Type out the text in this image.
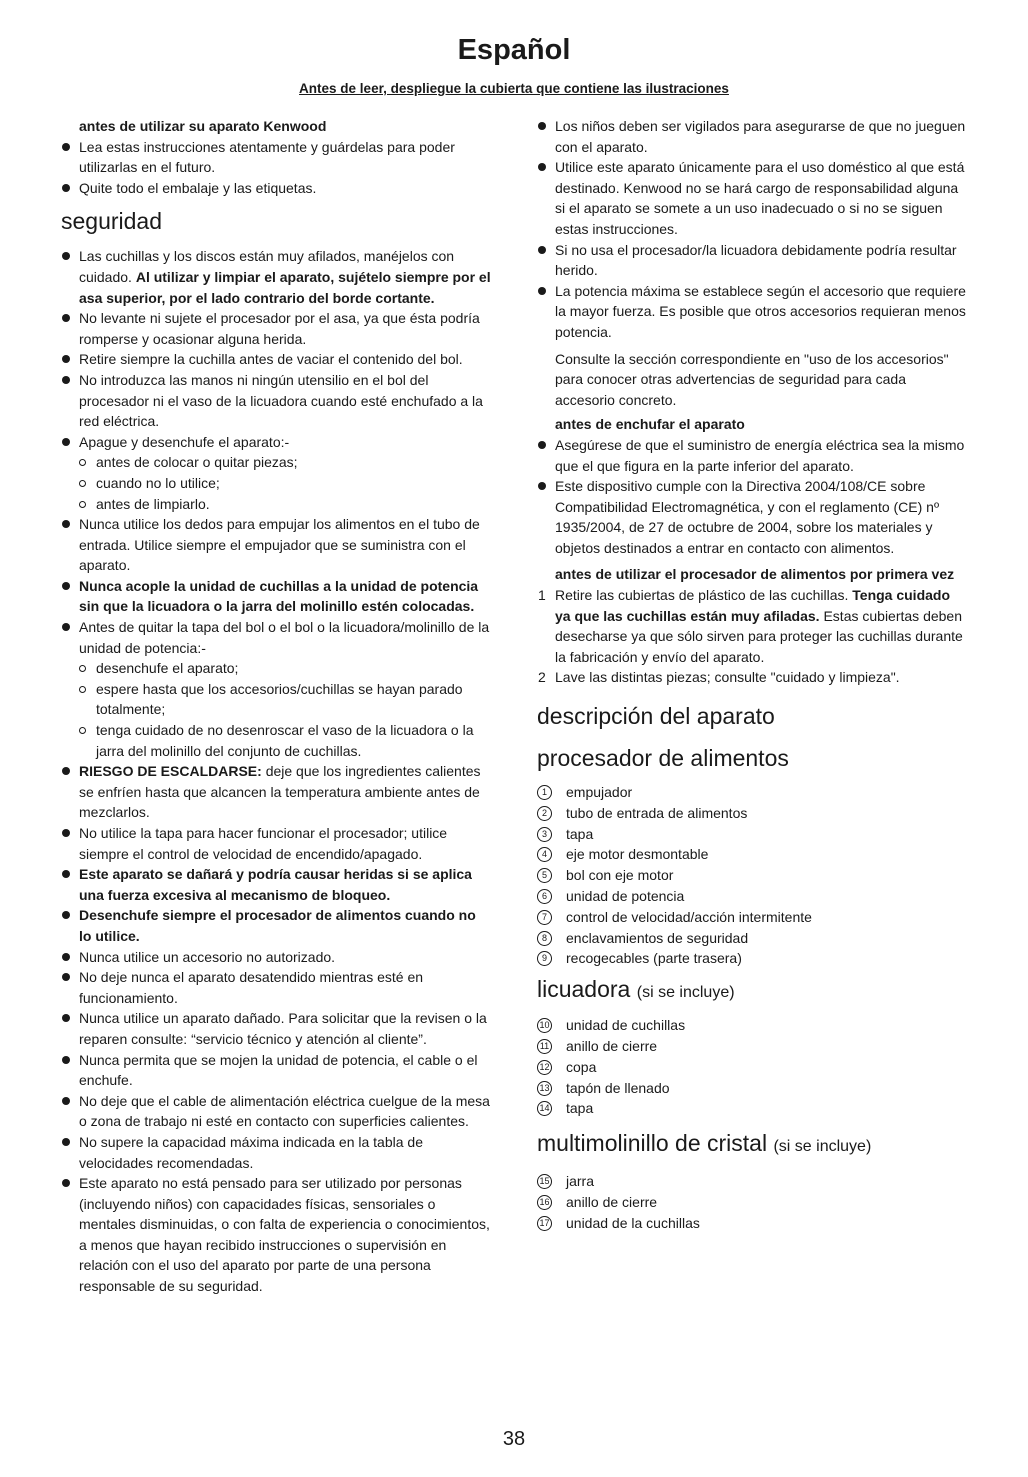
Español
Antes de leer, despliegue la cubierta que contiene las ilustraciones
antes de utilizar su aparato Kenwood
Lea estas instrucciones atentamente y guárdelas para poder utilizarlas en el futuro.
Quite todo el embalaje y las etiquetas.
seguridad
Las cuchillas y los discos están muy afilados, manéjelos con cuidado. Al utilizar y limpiar el aparato, sujételo siempre por el asa superior, por el lado contrario del borde cortante.
No levante ni sujete el procesador por el asa, ya que ésta podría romperse y ocasionar alguna herida.
Retire siempre la cuchilla antes de vaciar el contenido del bol.
No introduzca las manos ni ningún utensilio en el bol del procesador ni el vaso de la licuadora cuando esté enchufado a la red eléctrica.
Apague y desenchufe el aparato:-
antes de colocar o quitar piezas;
cuando no lo utilice;
antes de limpiarlo.
Nunca utilice los dedos para empujar los alimentos en el tubo de entrada. Utilice siempre el empujador que se suministra con el aparato.
Nunca acople la unidad de cuchillas a la unidad de potencia sin que la licuadora o la jarra del molinillo estén colocadas.
Antes de quitar la tapa del bol o el bol o la licuadora/molinillo de la unidad de potencia:-
desenchufe el aparato;
espere hasta que los accesorios/cuchillas se hayan parado totalmente;
tenga cuidado de no desenroscar el vaso de la licuadora o la jarra del molinillo del conjunto de cuchillas.
RIESGO DE ESCALDARSE: deje que los ingredientes calientes se enfríen hasta que alcancen la temperatura ambiente antes de mezclarlos.
No utilice la tapa para hacer funcionar el procesador; utilice siempre el control de velocidad de encendido/apagado.
Este aparato se dañará y podría causar heridas si se aplica una fuerza excesiva al mecanismo de bloqueo.
Desenchufe siempre el procesador de alimentos cuando no lo utilice.
Nunca utilice un accesorio no autorizado.
No deje nunca el aparato desatendido mientras esté en funcionamiento.
Nunca utilice un aparato dañado. Para solicitar que la revisen o la reparen consulte: “servicio técnico y atención al cliente”.
Nunca permita que se mojen la unidad de potencia, el cable o el enchufe.
No deje que el cable de alimentación eléctrica cuelgue de la mesa o zona de trabajo ni esté en contacto con superficies calientes.
No supere la capacidad máxima indicada en la tabla de velocidades recomendadas.
Este aparato no está pensado para ser utilizado por personas (incluyendo niños) con capacidades físicas, sensoriales o mentales disminuidas, o con falta de experiencia o conocimientos, a menos que hayan recibido instrucciones o supervisión en relación con el uso del aparato por parte de una persona responsable de su seguridad.
Los niños deben ser vigilados para asegurarse de que no jueguen con el aparato.
Utilice este aparato únicamente para el uso doméstico al que está destinado. Kenwood no se hará cargo de responsabilidad alguna si el aparato se somete a un uso inadecuado o si no se siguen estas instrucciones.
Si no usa el procesador/la licuadora debidamente podría resultar herido.
La potencia máxima se establece según el accesorio que requiere la mayor fuerza. Es posible que otros accesorios requieran menos potencia.

Consulte la sección correspondiente en "uso de los accesorios" para conocer otras advertencias de seguridad para cada accesorio concreto.

antes de enchufar el aparato
Asegúrese de que el suministro de energía eléctrica sea la mismo que el que figura en la parte inferior del aparato.
Este dispositivo cumple con la Directiva 2004/108/CE sobre Compatibilidad Electromagnética, y con el reglamento (CE) nº 1935/2004, de 27 de octubre de 2004, sobre los materiales y objetos destinados a entrar en contacto con alimentos.
antes de utilizar el procesador de alimentos por primera vez
1 Retire las cubiertas de plástico de las cuchillas. Tenga cuidado ya que las cuchillas están muy afiladas. Estas cubiertas deben desecharse ya que sólo sirven para proteger las cuchillas durante la fabricación y envío del aparato.
2 Lave las distintas piezas; consulte "cuidado y limpieza".
descripción del aparato
procesador de alimentos
1	empujador
2	tubo de entrada de alimentos
3	tapa
4	eje motor desmontable
5	bol con eje motor
6	unidad de potencia
7	control de velocidad/acción intermitente
8	enclavamientos de seguridad
9	recogecables (parte trasera)
licuadora (si se incluye)
10 unidad de cuchillas
11 anillo de cierre
12 copa
13 tapón de llenado
14 tapa
multimolinillo de cristal (si se incluye)
15 jarra
16 anillo de cierre
17 unidad de la cuchillas
38
